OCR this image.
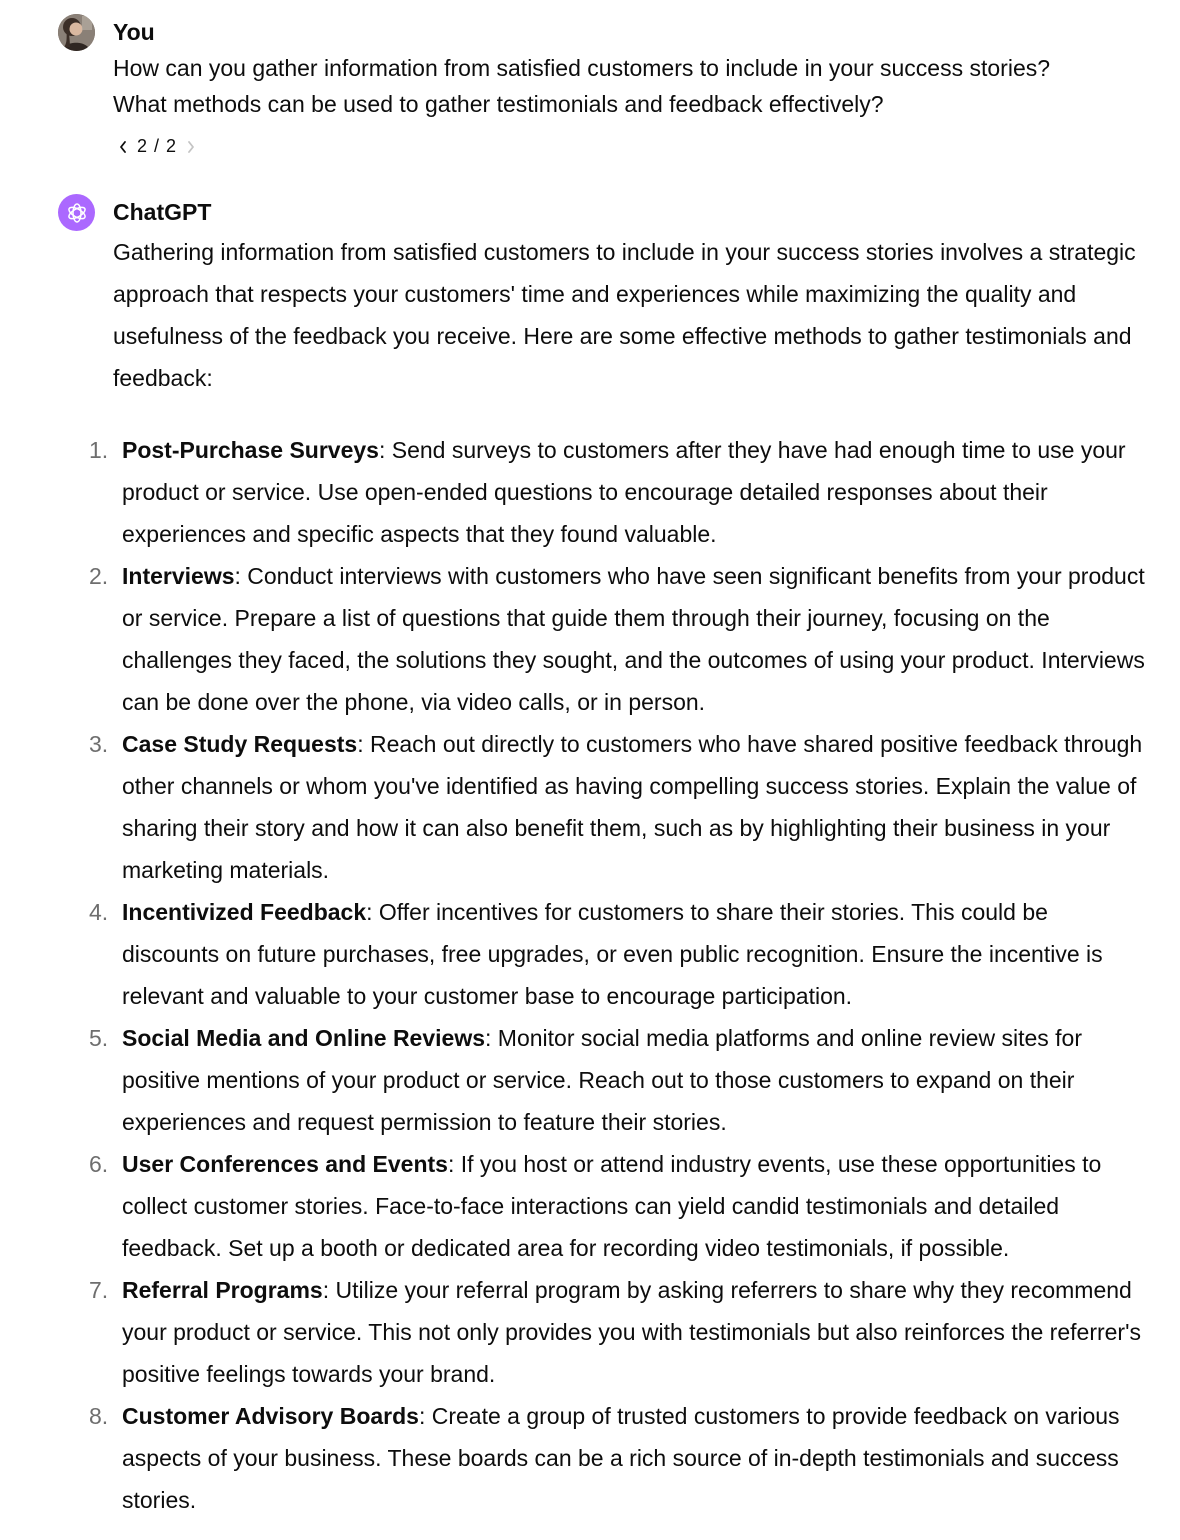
You

How can you gather information from satisfied customers to include in your success stories?

What methods can be used to gather testimonials and feedback effectively?

2 / 2
ChatGPT

Gathering information from satisfied customers to include in your success stories involves a strategic approach that respects your customers' time and experiences while maximizing the quality and usefulness of the feedback you receive. Here are some effective methods to gather testimonials and feedback:

1. Post-Purchase Surveys: Send surveys to customers after they have had enough time to use your product or service. Use open-ended questions to encourage detailed responses about their experiences and specific aspects that they found valuable.
2. Interviews: Conduct interviews with customers who have seen significant benefits from your product or service. Prepare a list of questions that guide them through their journey, focusing on the challenges they faced, the solutions they sought, and the outcomes of using your product. Interviews can be done over the phone, via video calls, or in person.
3. Case Study Requests: Reach out directly to customers who have shared positive feedback through other channels or whom you've identified as having compelling success stories. Explain the value of sharing their story and how it can also benefit them, such as by highlighting their business in your marketing materials.
4. Incentivized Feedback: Offer incentives for customers to share their stories. This could be discounts on future purchases, free upgrades, or even public recognition. Ensure the incentive is relevant and valuable to your customer base to encourage participation.
5. Social Media and Online Reviews: Monitor social media platforms and online review sites for positive mentions of your product or service. Reach out to those customers to expand on their experiences and request permission to feature their stories.
6. User Conferences and Events: If you host or attend industry events, use these opportunities to collect customer stories. Face-to-face interactions can yield candid testimonials and detailed feedback. Set up a booth or dedicated area for recording video testimonials, if possible.
7. Referral Programs: Utilize your referral program by asking referrers to share why they recommend your product or service. This not only provides you with testimonials but also reinforces the referrer's positive feelings towards your brand.
8. Customer Advisory Boards: Create a group of trusted customers to provide feedback on various aspects of your business. These boards can be a rich source of in-depth testimonials and success stories.
